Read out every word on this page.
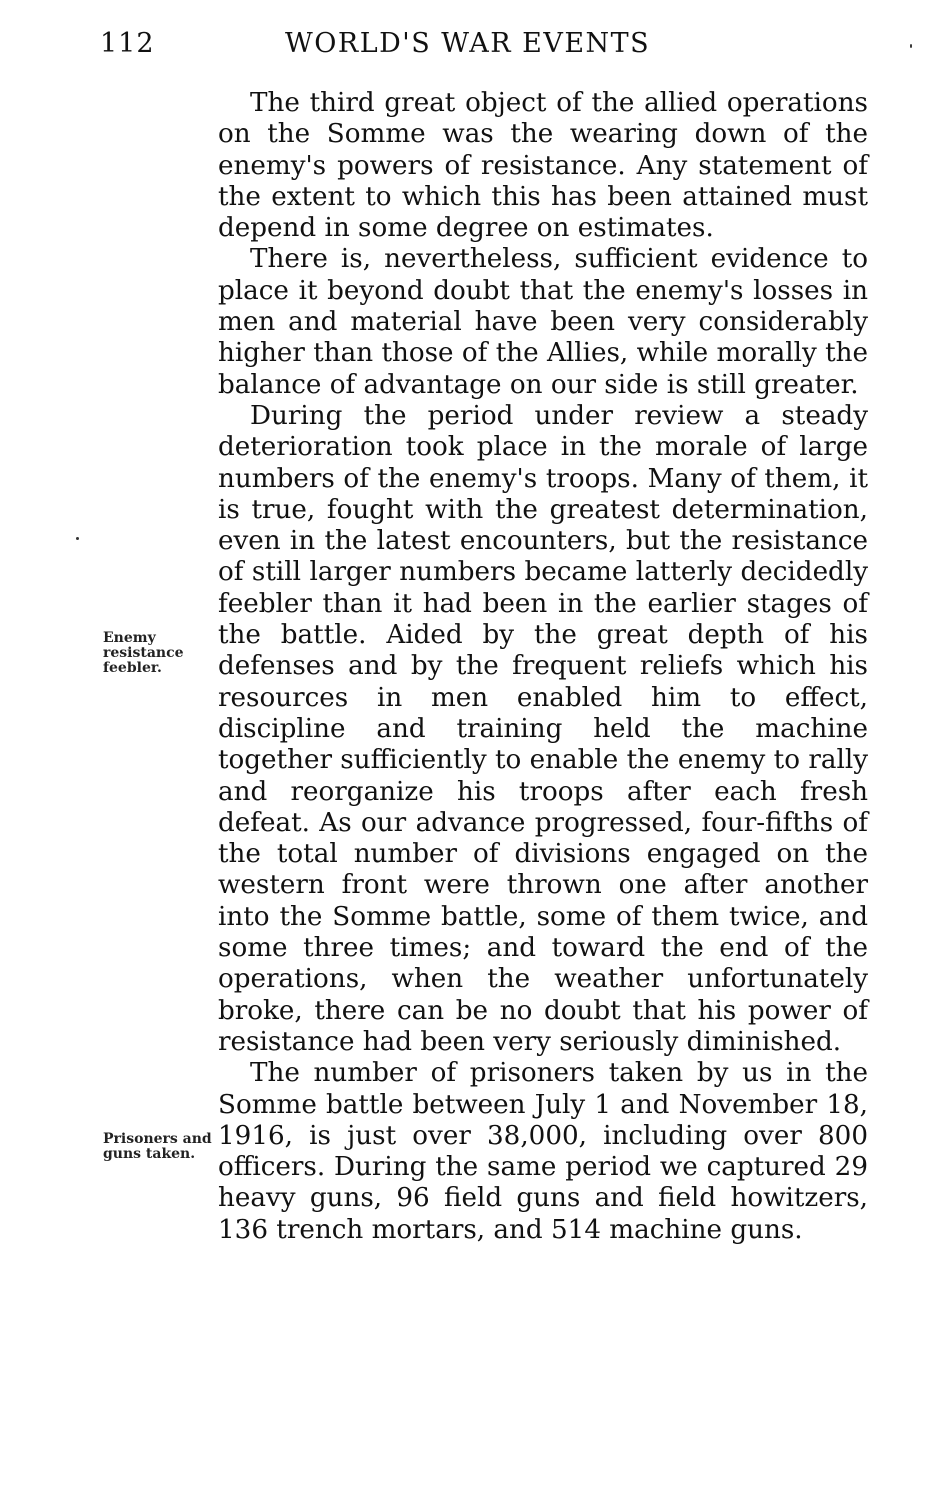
112	WORLD'S WAR EVENTS

The third great object of the allied operations on the Somme was the wearing down of the enemy's powers of resistance. Any statement of the extent to which this has been attained must depend in some degree on estimates.

There is, nevertheless, sufficient evidence to place it beyond doubt that the enemy's losses in men and material have been very considerably higher than those of the Allies, while morally the balance of advantage on our side is still greater.

During the period under review a steady deterioration took place in the morale of large numbers of the enemy's troops. Many of them, it is true, fought with the greatest determination, even in the latest encounters, but the resistance of still larger numbers became latterly decidedly feebler than it had been in the earlier stages of the battle. Aided by the great depth of his defenses and by the frequent reliefs which his resources in men enabled him to effect, discipline and training held the machine together sufficiently to enable the enemy to rally and reorganize his troops after each fresh defeat. As our advance progressed, four-fifths of the total number of divisions engaged on the western front were thrown one after another into the Somme battle, some of them twice, and some three times; and toward the end of the operations, when the weather unfortunately broke, there can be no doubt that his power of resistance had been very seriously diminished.

The number of prisoners taken by us in the Somme battle between July 1 and November 18, 1916, is just over 38,000, including over 800 officers. During the same period we captured 29 heavy guns, 96 field guns and field howitzers, 136 trench mortars, and 514 machine guns.

Enemy resistance feebler.
Prisoners and guns taken.
